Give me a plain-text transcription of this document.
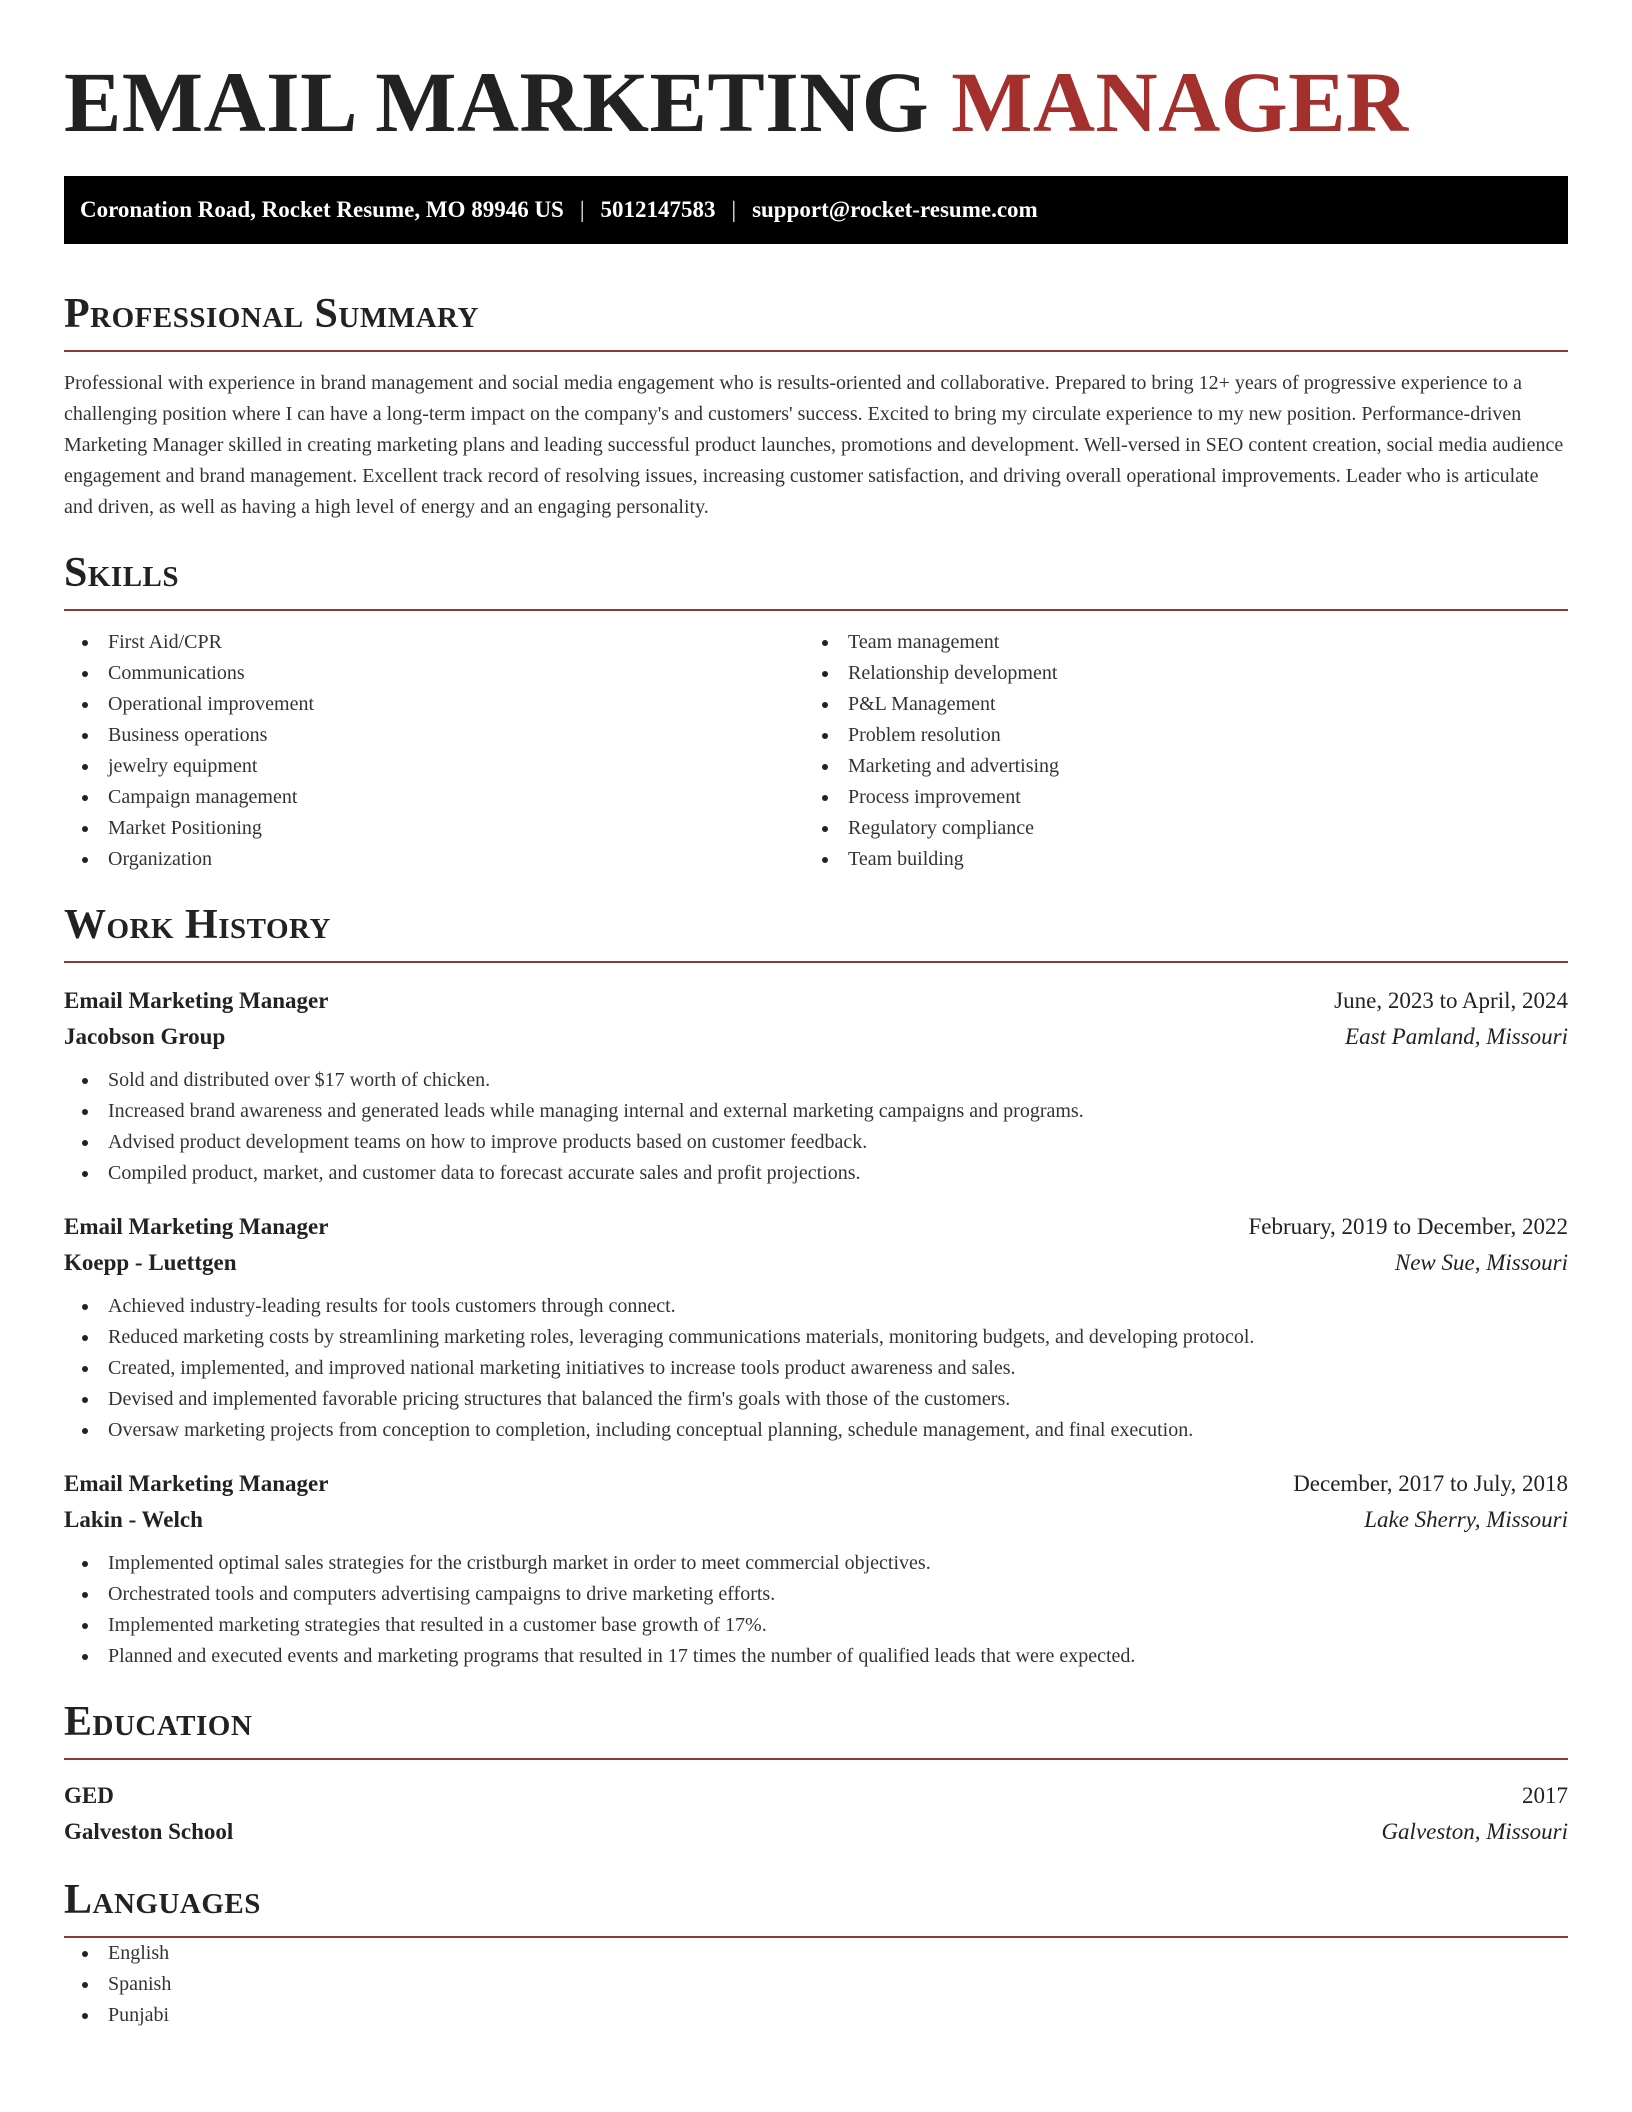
EMAIL MARKETING MANAGER
Coronation Road, Rocket Resume, MO 89946 US | 5012147583 | support@rocket-resume.com
Professional Summary
Professional with experience in brand management and social media engagement who is results-oriented and collaborative. Prepared to bring 12+ years of progressive experience to a challenging position where I can have a long-term impact on the company's and customers' success. Excited to bring my circulate experience to my new position. Performance-driven Marketing Manager skilled in creating marketing plans and leading successful product launches, promotions and development. Well-versed in SEO content creation, social media audience engagement and brand management. Excellent track record of resolving issues, increasing customer satisfaction, and driving overall operational improvements. Leader who is articulate and driven, as well as having a high level of energy and an engaging personality.
Skills
First Aid/CPR
Communications
Operational improvement
Business operations
jewelry equipment
Campaign management
Market Positioning
Organization
Team management
Relationship development
P&L Management
Problem resolution
Marketing and advertising
Process improvement
Regulatory compliance
Team building
Work History
Email Marketing Manager	June, 2023 to April, 2024
Jacobson Group	East Pamland, Missouri
Sold and distributed over $17 worth of chicken.
Increased brand awareness and generated leads while managing internal and external marketing campaigns and programs.
Advised product development teams on how to improve products based on customer feedback.
Compiled product, market, and customer data to forecast accurate sales and profit projections.
Email Marketing Manager	February, 2019 to December, 2022
Koepp - Luettgen	New Sue, Missouri
Achieved industry-leading results for tools customers through connect.
Reduced marketing costs by streamlining marketing roles, leveraging communications materials, monitoring budgets, and developing protocol.
Created, implemented, and improved national marketing initiatives to increase tools product awareness and sales.
Devised and implemented favorable pricing structures that balanced the firm's goals with those of the customers.
Oversaw marketing projects from conception to completion, including conceptual planning, schedule management, and final execution.
Email Marketing Manager	December, 2017 to July, 2018
Lakin - Welch	Lake Sherry, Missouri
Implemented optimal sales strategies for the cristburgh market in order to meet commercial objectives.
Orchestrated tools and computers advertising campaigns to drive marketing efforts.
Implemented marketing strategies that resulted in a customer base growth of 17%.
Planned and executed events and marketing programs that resulted in 17 times the number of qualified leads that were expected.
Education
GED	2017
Galveston School	Galveston, Missouri
Languages
English
Spanish
Punjabi
